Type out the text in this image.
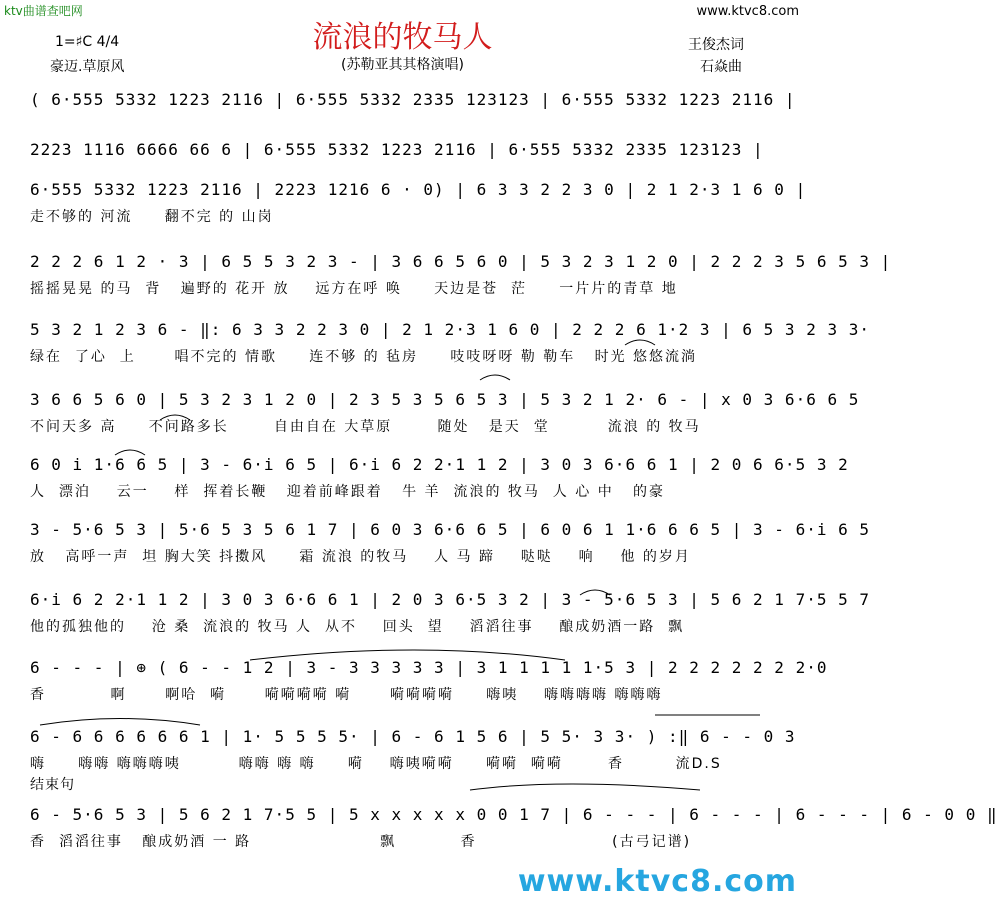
ktv曲谱查吧网	www.ktvc8.com
流浪的牧马人
(苏勒亚其其格演唱)
1=♯C 4/4
豪迈.草原风
王俊杰词
石焱曲
( 6·555 5332 1223 2116 | 6·555 5332 2335 123123 | 6·555 5332 1223 2116 |
2223 1116 6666 66 6 | 6·555 5332 1223 2116 | 6·555 5332 2335 123123 |
6·555 5332 1223 2116 | 2223 1216 6 · 0) | 6 3 3 2 2 3 0 | 2 1 2·3 1 6 0 |
走不够的 河流     翻不完 的 山岗
2 2 2 6 1 2 · 3 | 6 5 5 3 2 3 - | 3 6 6 5 6 0 | 5 3 2 3 1 2 0 | 2 2 2 3 5 6 5 3 |
摇摇晃晃 的马  背   遍野的 花开 放    远方在呼 唤     天边是苍  茫     一片片的青草 地
5 3 2 1 2 3 6 - ‖: 6 3 3 2 2 3 0 | 2 1 2·3 1 6 0 | 2 2 2 6 1·2 3 | 6 5 3 2 3 3·
绿在  了心  上      唱不完的 情歌     连不够 的 毡房     吱吱呀呀 勒 勒车   时光 悠悠流淌
3 6 6 5 6 0 | 5 3 2 3 1 2 0 | 2 3 5 3 5 6 5 3 | 5 3 2 1 2· 6 - | x 0 3 6·6 6 5
不问天多 高     不问路多长       自由自在 大草原       随处   是天  堂         流浪 的 牧马
6 0 i 1·6 6 5 | 3 - 6·i 6 5 | 6·i 6 2 2·1 1 2 | 3 0 3 6·6 6 1 | 2 0 6 6·5 3 2
人  漂泊    云一    样  挥着长鞭   迎着前峰跟着   牛 羊  流浪的 牧马  人 心 中   的豪
3 - 5·6 5 3 | 5·6 5 3 5 6 1 7 | 6 0 3 6·6 6 5 | 6 0 6 1 1·6 6 6 5 | 3 - 6·i 6 5
放   高呼一声  坦 胸大笑 抖擞风     霜 流浪 的牧马    人 马 蹄    哒哒    响    他 的岁月
6·i 6 2 2·1 1 2 | 3 0 3 6·6 6 1 | 2 0 3 6·5 3 2 | 3 - 5·6 5 3 | 5 6 2 1 7·5 5 7
他的孤独他的    沧 桑  流浪的 牧马 人  从不    回头  望    滔滔往事    酿成奶酒一路  飘
6 - - - | ⊕ ( 6 - - 1 2 | 3 - 3 3 3 3 3 | 3 1 1 1 1 1·5 3 | 2 2 2 2 2 2 2·0
香          啊      啊哈  嗬      嗬嗬嗬嗬 嗬      嗬嗬嗬嗬     嗨咦    嗨嗨嗨嗨 嗨嗨嗨
6 - 6 6 6 6 6 6 1 | 1· 5 5 5 5· | 6 - 6 1 5 6 | 5 5· 3 3· ) :‖ 6 - - 0 3
嗨     嗨嗨 嗨嗨嗨咦         嗨嗨 嗨 嗨     嗬    嗨咦嗬嗬     嗬嗬  嗬嗬       香        流D.S
6 - 5·6 5 3 | 5 6 2 1 7·5 5 | 5 x x x x x 0 0 1 7 | 6 - - - | 6 - - - | 6 - - - | 6 - 0 0 ‖
香  滔滔往事   酿成奶酒 一 路                    飘          香                     (古弓记谱)
结束句
www.ktvc8.com
